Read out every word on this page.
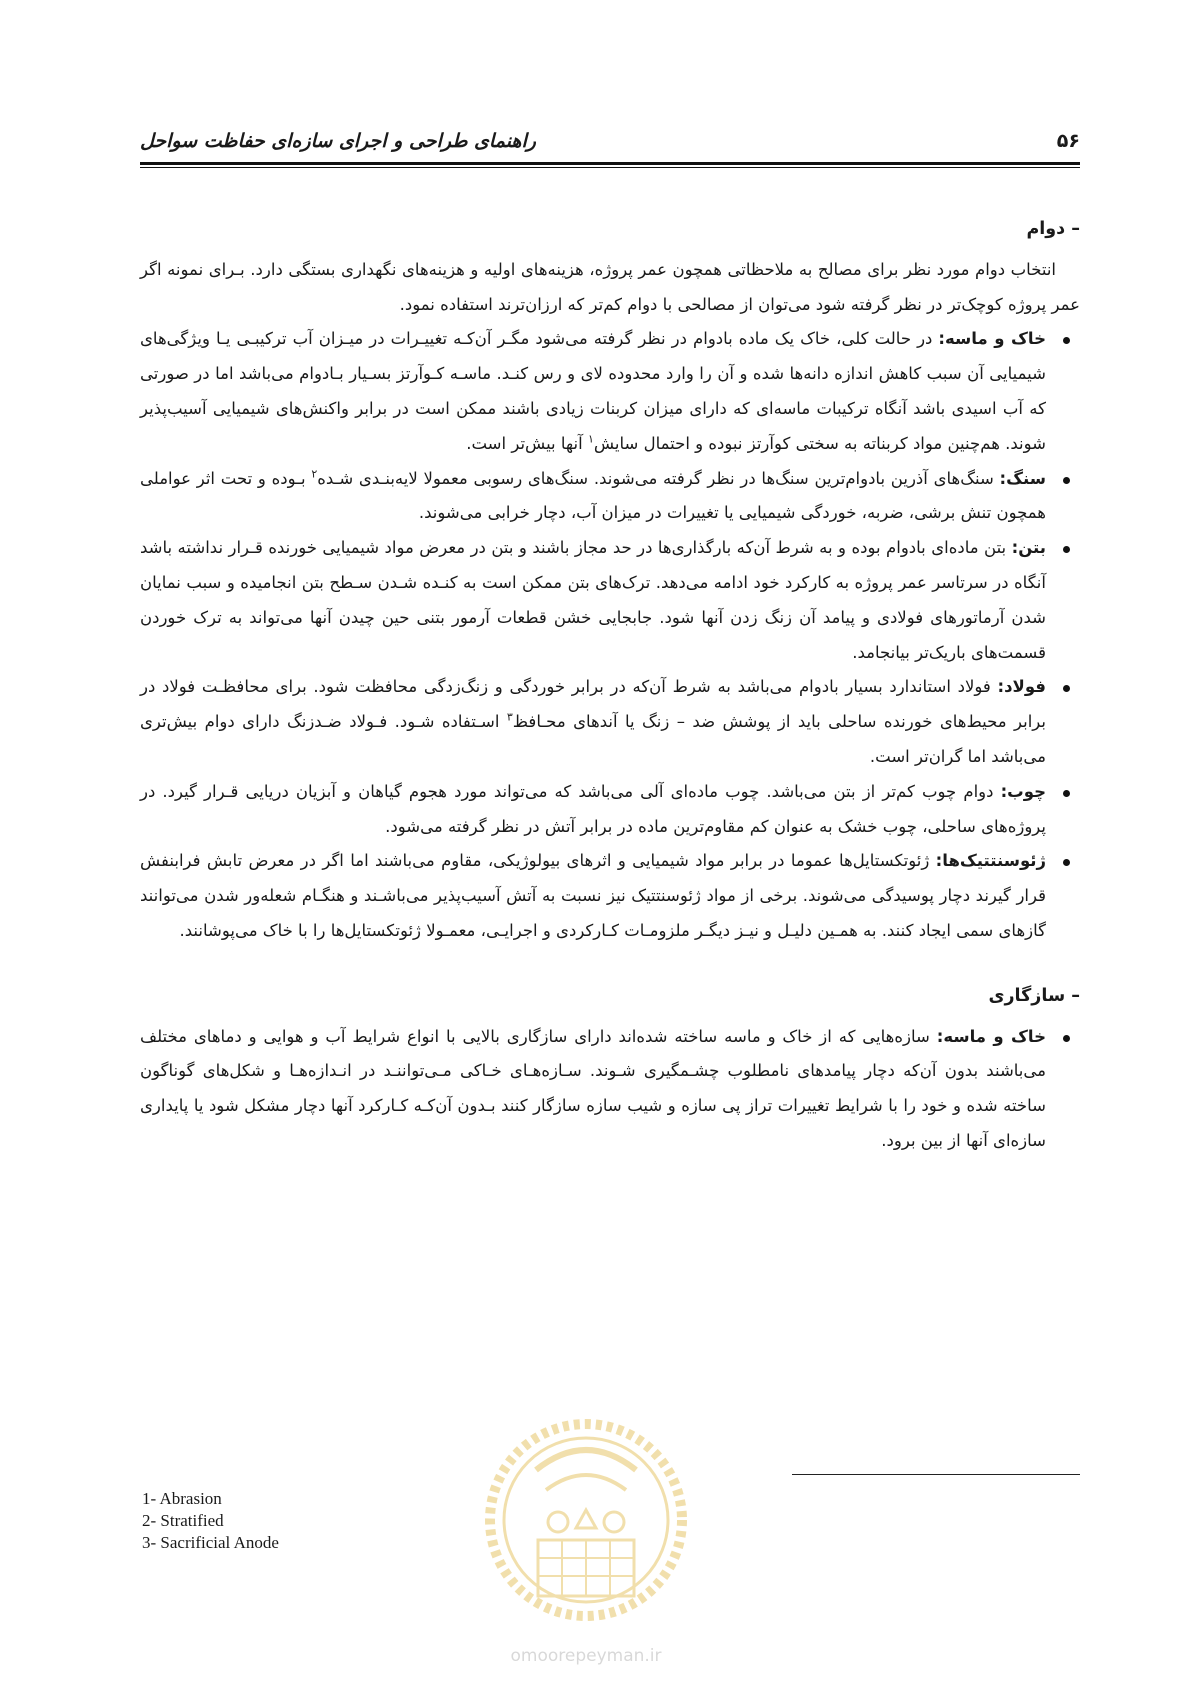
۵۶
راهنمای طراحی و اجرای سازه‌ای حفاظت سواحل
– دوام

انتخاب دوام مورد نظر برای مصالح به ملاحظاتی همچون عمر پروژه، هزینه‌های اولیه و هزینه‌های نگهداری بستگی دارد. بـرای نمونه اگر عمر پروژه کوچک‌تر در نظر گرفته شود می‌توان از مصالحی با دوام کم‌تر که ارزان‌ترند استفاده نمود.

خاک و ماسه: در حالت کلی، خاک یک ماده بادوام در نظر گرفته می‌شود مگـر آن‌کـه تغییـرات در میـزان آب ترکیبـی یـا ویژگی‌های شیمیایی آن سبب کاهش اندازه دانه‌ها شده و آن را وارد محدوده لای و رس کنـد. ماسـه کـوآرتز بسـیار بـادوام می‌باشد اما در صورتی که آب اسیدی باشد آنگاه ترکیبات ماسه‌ای که دارای میزان کربنات زیادی باشند ممکن است در برابر واکنش‌های شیمیایی آسیب‌پذیر شوند. هم‌چنین مواد کربناته به سختی کوآرتز نبوده و احتمال سایش$^۱$ آنها بیش‌تر است.
سنگ: سنگ‌های آذرین بادوام‌ترین سنگ‌ها در نظر گرفته می‌شوند. سنگ‌های رسوبی معمولا لایه‌بنـدی شـده$^۲$ بـوده و تحت اثر عواملی همچون تنش برشی، ضربه، خوردگی شیمیایی یا تغییرات در میزان آب، دچار خرابی می‌شوند.
بتن: بتن ماده‌ای بادوام بوده و به شرط آن‌که بارگذاری‌ها در حد مجاز باشند و بتن در معرض مواد شیمیایی خورنده قـرار نداشته باشد آنگاه در سرتاسر عمر پروژه به کارکرد خود ادامه می‌دهد. ترک‌های بتن ممکن است به کنـده شـدن سـطح بتن انجامیده و سبب نمایان شدن آرماتورهای فولادی و پیامد آن زنگ زدن آنها شود. جابجایی خشن قطعات آرمور بتنی حین چیدن آنها می‌تواند به ترک خوردن قسمت‌های باریک‌تر بیانجامد.
فولاد: فولاد استاندارد بسیار بادوام می‌باشد به شرط آن‌که در برابر خوردگی و زنگ‌زدگی محافظت شود. برای محافظـت فولاد در برابر محیط‌های خورنده ساحلی باید از پوشش ضد – زنگ یا آندهای محـافظ$^۳$ اسـتفاده شـود. فـولاد ضـدزنگ دارای دوام بیش‌تری می‌باشد اما گران‌تر است.
چوب: دوام چوب کم‌تر از بتن می‌باشد. چوب ماده‌ای آلی می‌باشد که می‌تواند مورد هجوم گیاهان و آبزیان دریایی قـرار گیرد. در پروژه‌های ساحلی، چوب خشک به عنوان کم مقاوم‌ترین ماده در برابر آتش در نظر گرفته می‌شود.
ژئوسنتتیک‌ها: ژئوتکستایل‌ها عموما در برابر مواد شیمیایی و اثرهای بیولوژیکی، مقاوم می‌باشند اما اگر در معرض تابش فرابنفش قرار گیرند دچار پوسیدگی می‌شوند. برخی از مواد ژئوسنتتیک نیز نسبت به آتش آسیب‌پذیر می‌باشـند و هنگـام شعله‌ور شدن می‌توانند گازهای سمی ایجاد کنند. به همـین دلیـل و نیـز دیگـر ملزومـات کـارکردی و اجرایـی، معمـولا ژئوتکستایل‌ها را با خاک می‌پوشانند.
– سازگاری
خاک و ماسه: سازه‌هایی که از خاک و ماسه ساخته شده‌اند دارای سازگاری بالایی با انواع شرایط آب و هوایی و دماهای مختلف می‌باشند بدون آن‌که دچار پیامدهای نامطلوب چشـمگیری شـوند. سـازه‌هـای خـاکی مـی‌تواننـد در انـدازه‌هـا و شکل‌های گوناگون ساخته شده و خود را با شرایط تغییرات تراز پی سازه و شیب سازه سازگار کنند بـدون آن‌کـه کـارکرد آنها دچار مشکل شود یا پایداری سازه‌ای آنها از بین برود.
1- Abrasion
2- Stratified
3- Sacrificial Anode
omoorepeyman.ir
